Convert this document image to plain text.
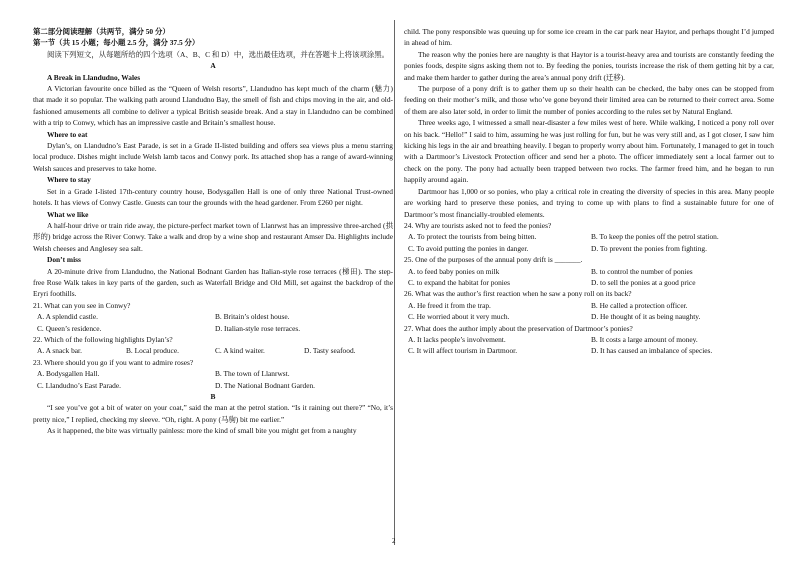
第二部分阅读理解（共两节，满分 50 分）

第一节（共 15 小题；每小题 2.5 分，满分 37.5 分）

阅读下列短文，从每题所给的四个选项（A、B、C 和 D）中，选出最佳选项，并在答题卡上将该项涂黑。

A

A Break in Llandudno, Wales

A Victorian favourite once billed as the “Queen of Welsh resorts”, Llandudno has kept much of the charm (魅力) that made it so popular. The walking path around Llandudno Bay, the smell of fish and chips moving in the air, and old-fashioned amusements all combine to deliver a typical British seaside break. And a stay in Llandudno can be combined with a trip to Conwy, which has an impressive castle and Britain’s smallest house.

Where to eat

Dylan’s, on Llandudno’s East Parade, is set in a Grade II-listed building and offers sea views plus a menu starring local produce. Dishes might include Welsh lamb tacos and Conwy pork. Its attached shop has a range of award-winning Welsh sauces and preserves to take home.

Where to stay

Set in a Grade I-listed 17th-century country house, Bodysgallen Hall is one of only three National Trust-owned hotels. It has views of Conwy Castle. Guests can tour the grounds with the head gardener. From £260 per night.

What we like

A half-hour drive or train ride away, the picture-perfect market town of Llanrwst has an impressive three-arched (拱形的) bridge across the River Conwy. Take a walk and drop by a wine shop and restaurant Amser Da. Highlights include Welsh cheeses and Anglesey sea salt.

Don’t miss

A 20-minute drive from Llandudno, the National Bodnant Garden has Italian-style rose terraces (梯田). The step-free Rose Walk takes in key parts of the garden, such as Waterfall Bridge and Old Mill, set against the backdrop of the Eryri foothills.

21. What can you see in Conwy?

A. A splendid castle.	B. Britain’s oldest house.
C. Queen’s residence.	D. Italian-style rose terraces.

22. Which of the following highlights Dylan’s?

A. A snack bar.	B. Local produce.	C. A kind waiter.	D. Tasty seafood.

23. Where should you go if you want to admire roses?

A. Bodysgallen Hall.	B. The town of Llanrwst.
C. Llandudno’s East Parade.	D. The National Bodnant Garden.

B

“I see you’ve got a bit of water on your coat,” said the man at the petrol station. “Is it raining out there?” “No, it’s pretty nice,” I replied, checking my sleeve. “Oh, right. A pony (马驹) bit me earlier.”

As it happened, the bite was virtually painless: more the kind of small bite you might get from a naughty

child. The pony responsible was queuing up for some ice cream in the car park near Haytor, and perhaps thought I’d jumped in ahead of him.

The reason why the ponies here are naughty is that Haytor is a tourist-heavy area and tourists are constantly feeding the ponies foods, despite signs asking them not to. By feeding the ponies, tourists increase the risk of them getting hit by a car, and make them harder to gather during the area’s annual pony drift (迁移).

The purpose of a pony drift is to gather them up so their health can be checked, the baby ones can be stopped from feeding on their mother’s milk, and those who’ve gone beyond their limited area can be returned to their correct area. Some of them are also later sold, in order to limit the number of ponies according to the rules set by Natural England.

Three weeks ago, I witnessed a small near-disaster a few miles west of here. While walking, I noticed a pony roll over on his back. “Hello!” I said to him, assuming he was just rolling for fun, but he was very still and, as I got closer, I saw him kicking his legs in the air and breathing heavily. I began to properly worry about him. Fortunately, I managed to get in touch with a Dartmoor’s Livestock Protection officer and send her a photo. The officer immediately sent a local farmer out to check on the pony. The pony had actually been trapped between two rocks. The farmer freed him, and he began to run happily around again.

Dartmoor has 1,000 or so ponies, who play a critical role in creating the diversity of species in this area. Many people are working hard to preserve these ponies, and trying to come up with plans to find a sustainable future for one of Dartmoor’s most financially-troubled elements.

24. Why are tourists asked not to feed the ponies?

A. To protect the tourists from being bitten.	B. To keep the ponies off the petrol station.
C. To avoid putting the ponies in danger.	D. To prevent the ponies from fighting.

25. One of the purposes of the annual pony drift is _______.

A. to feed baby ponies on milk	B. to control the number of ponies
C. to expand the habitat for ponies	D. to sell the ponies at a good price

26. What was the author’s first reaction when he saw a pony roll on its back?

A. He freed it from the trap.	B. He called a protection officer.
C. He worried about it very much.	D. He thought of it as being naughty.

27. What does the author imply about the preservation of Dartmoor’s ponies?

A. It lacks people’s involvement.	B. It costs a large amount of money.
C. It will affect tourism in Dartmoor.	D. It has caused an imbalance of species.
2
